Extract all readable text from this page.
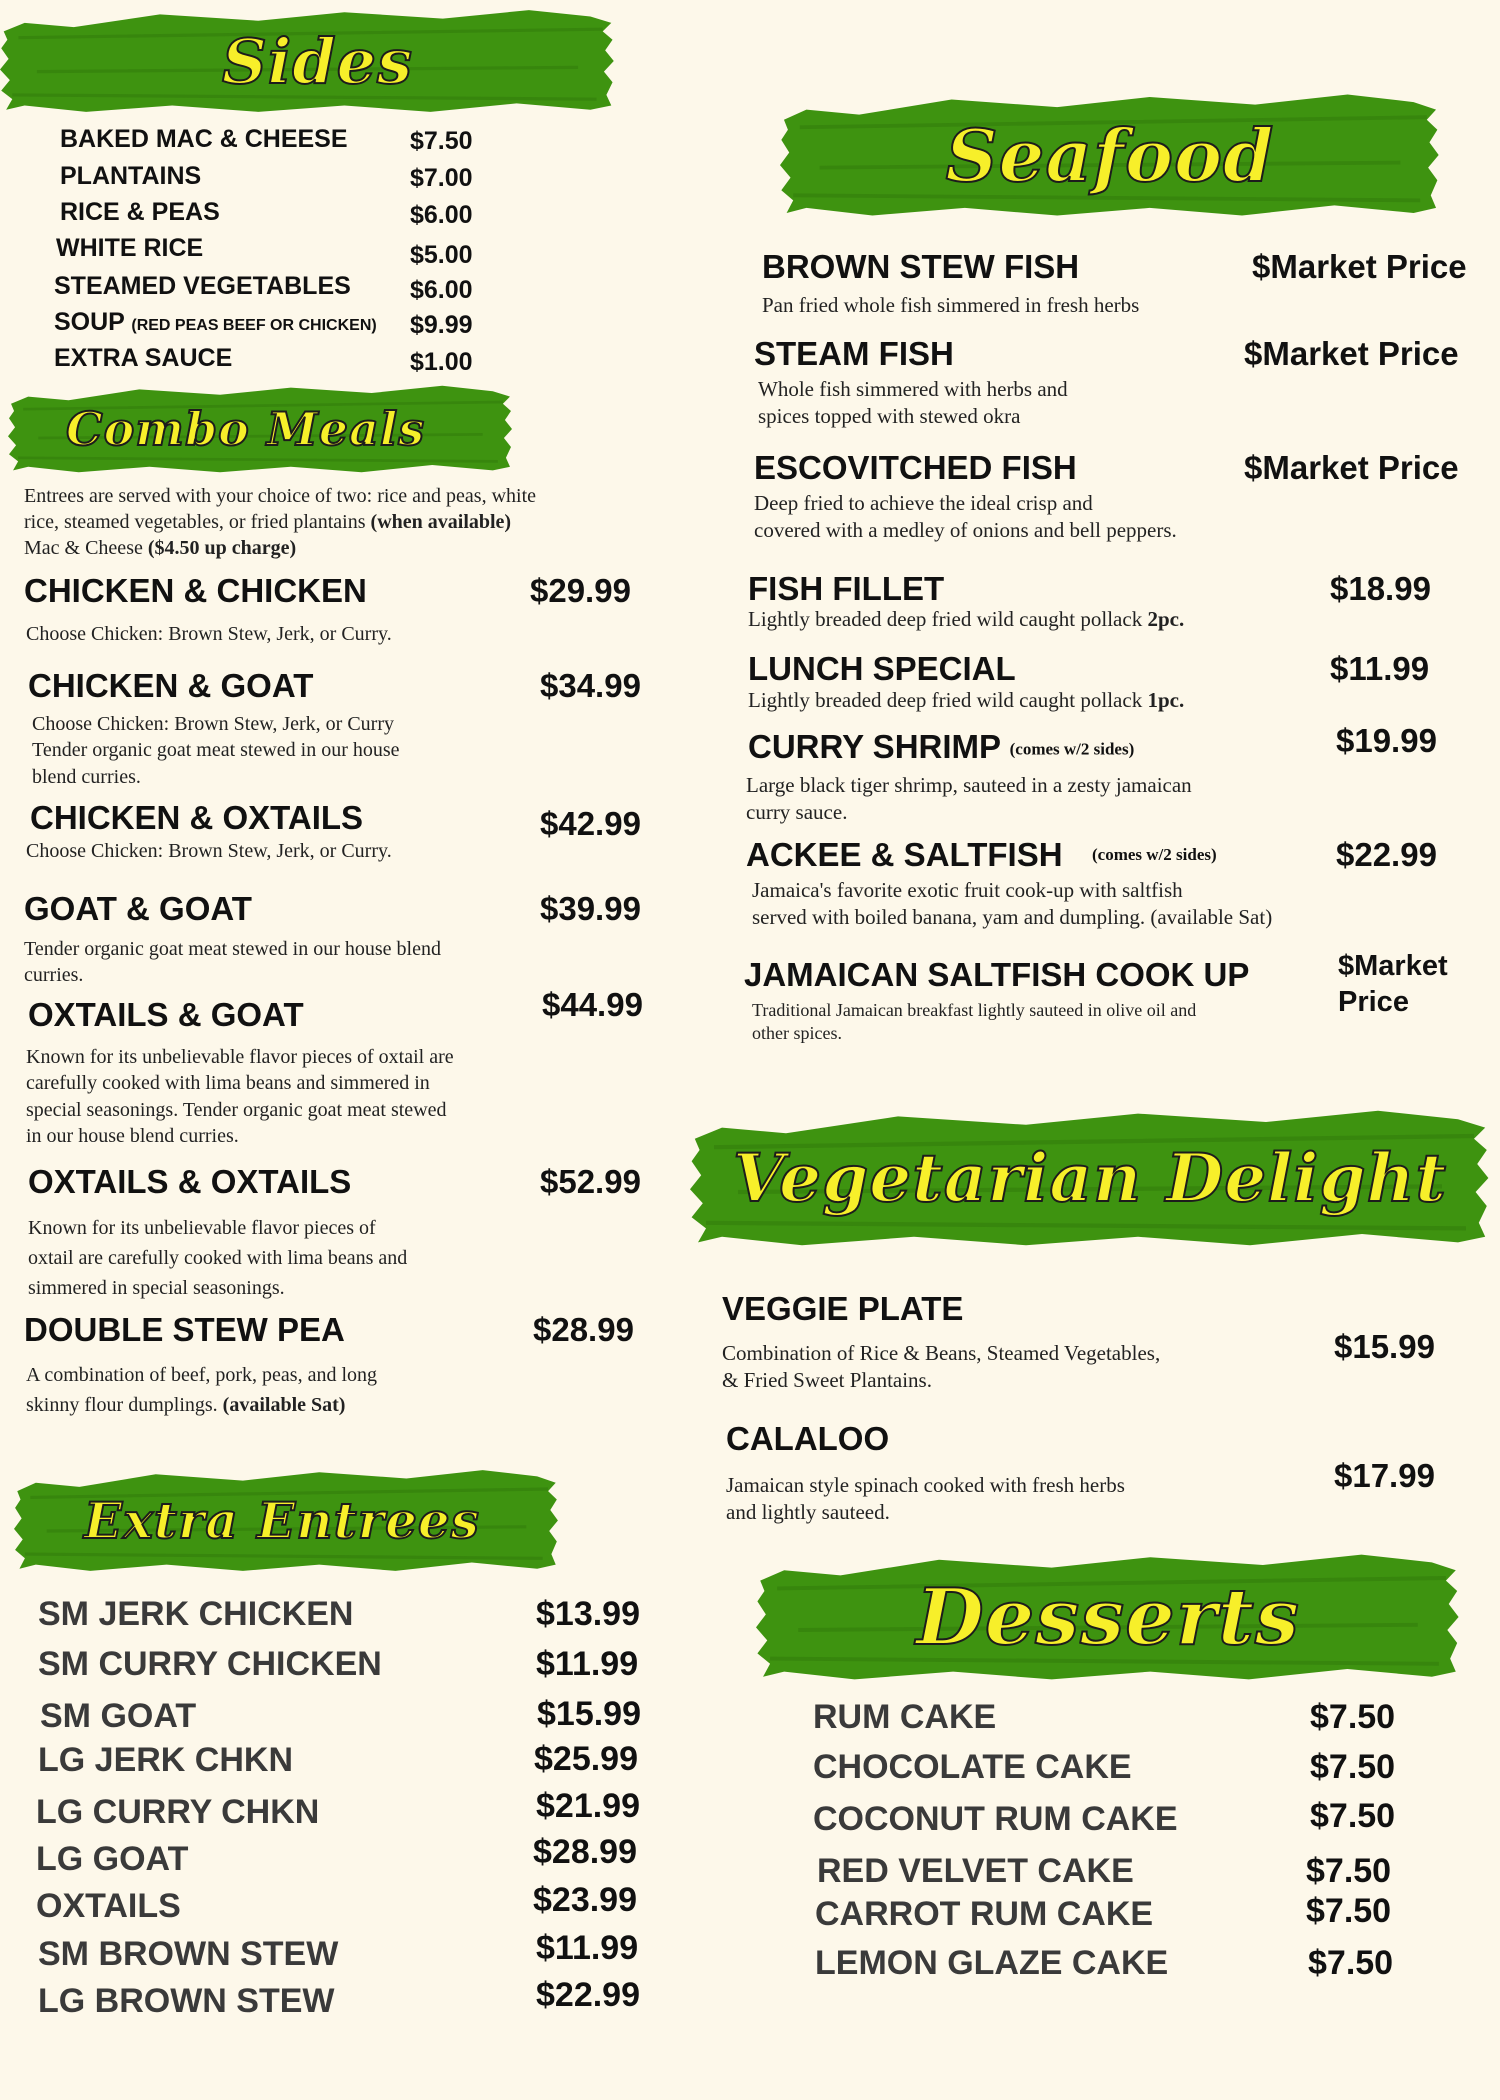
Sides
BAKED MAC & CHEESE $7.50
PLANTAINS	$7.00
RICE & PEAS	$6.00
WHITE RICE	$5.00
STEAMED VEGETABLES $6.00
SOUP (RED PEAS BEEF OR CHICKEN) $9.99
EXTRA SAUCE	$1.00
Combo Meals
Entrees are served with your choice of two: rice and peas, white
rice, steamed vegetables, or fried plantains (when available)
Mac & Cheese ($4.50 up charge)
CHICKEN & CHICKEN	$29.99
Choose Chicken: Brown Stew, Jerk, or Curry.
CHICKEN & GOAT	$34.99
Choose Chicken: Brown Stew, Jerk, or Curry
Tender organic goat meat stewed in our house
blend curries.
CHICKEN & OXTAILS	$42.99
Choose Chicken: Brown Stew, Jerk, or Curry.
GOAT & GOAT	$39.99
Tender organic goat meat stewed in our house blend
curries.
OXTAILS & GOAT	$44.99
Known for its unbelievable flavor pieces of oxtail are
carefully cooked with lima beans and simmered in
special seasonings. Tender organic goat meat stewed
in our house blend curries.
OXTAILS & OXTAILS	$52.99
Known for its unbelievable flavor pieces of
oxtail are carefully cooked with lima beans and
simmered in special seasonings.
DOUBLE STEW PEA	$28.99
A combination of beef, pork, peas, and long
skinny flour dumplings. (available Sat)
Extra Entrees
SM JERK CHICKEN	$13.99
SM CURRY CHICKEN	$11.99
SM GOAT	$15.99
LG JERK CHKN	$25.99
LG CURRY CHKN	$21.99
LG GOAT	$28.99
OXTAILS	$23.99
SM BROWN STEW	$11.99
LG BROWN STEW	$22.99
Seafood
BROWN STEW FISH	$Market Price
Pan fried whole fish simmered in fresh herbs
STEAM FISH	$Market Price
Whole fish simmered with herbs and
spices topped with stewed okra
ESCOVITCHED FISH	$Market Price
Deep fried to achieve the ideal crisp and
covered with a medley of onions and bell peppers.
FISH FILLET	$18.99
Lightly breaded deep fried wild caught pollack 2pc.
LUNCH SPECIAL	$11.99
Lightly breaded deep fried wild caught pollack 1pc.
CURRY SHRIMP (comes w/2 sides)	$19.99
Large black tiger shrimp, sauteed in a zesty jamaican
curry sauce.
ACKEE & SALTFISH (comes w/2 sides)	$22.99
Jamaica's favorite exotic fruit cook-up with saltfish
served with boiled banana, yam and dumpling. (available Sat)
JAMAICAN SALTFISH COOK UP	$Market
Price
Traditional Jamaican breakfast lightly sauteed in olive oil and
other spices.
Vegetarian Delight
VEGGIE PLATE
$15.99
Combination of Rice & Beans, Steamed Vegetables,
& Fried Sweet Plantains.
CALALOO
$17.99
Jamaican style spinach cooked with fresh herbs
and lightly sauteed.
Desserts
RUM CAKE	$7.50
CHOCOLATE CAKE	$7.50
COCONUT RUM CAKE	$7.50
RED VELVET CAKE	$7.50
CARROT RUM CAKE	$7.50
LEMON GLAZE CAKE	$7.50
